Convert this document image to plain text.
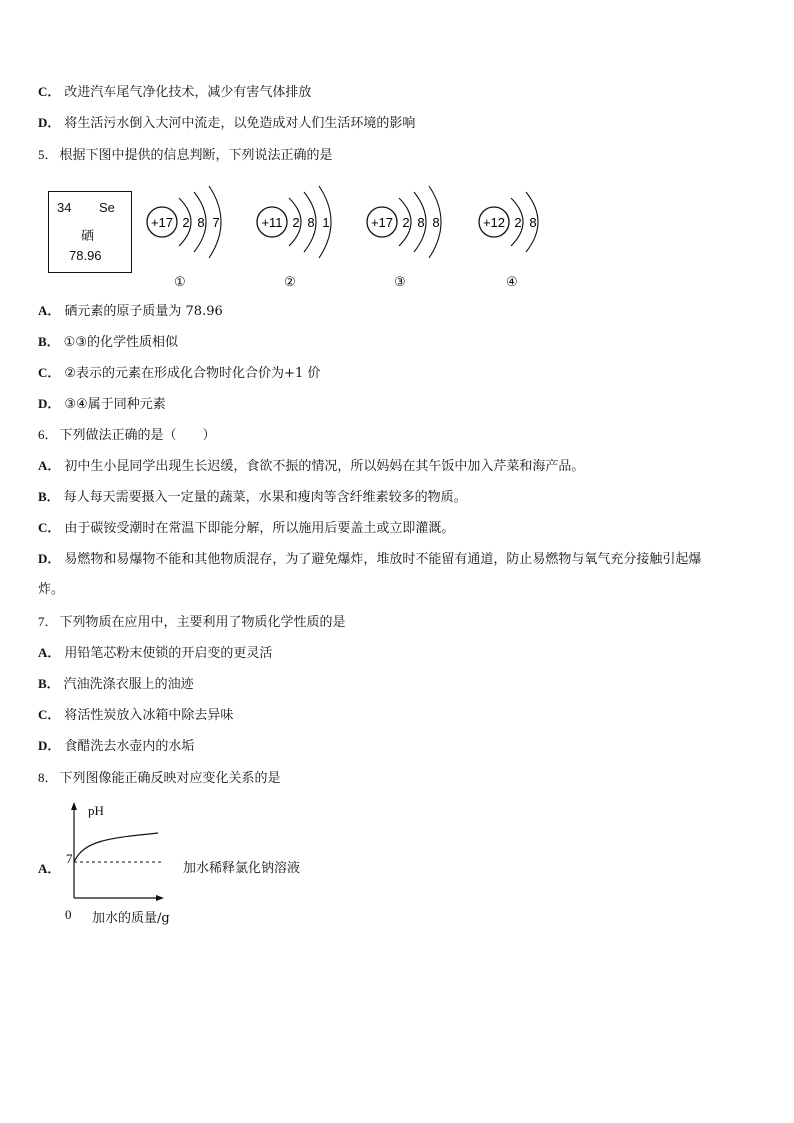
C． 改进汽车尾气净化技术，减少有害气体排放
D． 将生活污水倒入大河中流走，以免造成对人们生活环境的影响
5． 根据下图中提供的信息判断，下列说法正确的是
A． 硒元素的原子质量为 78.96
B． ①③的化学性质相似
C． ②表示的元素在形成化合物时化合价为+1 价
D． ③④属于同种元素
6． 下列做法正确的是（　　）
A． 初中生小昆同学出现生长迟缓，食欲不振的情况，所以妈妈在其午饭中加入芹菜和海产品。
B． 每人每天需要摄入一定量的蔬菜，水果和瘦肉等含纤维素较多的物质。
C． 由于碳铵受潮时在常温下即能分解，所以施用后要盖土或立即灌溉。
D． 易燃物和易爆物不能和其他物质混存，为了避免爆炸，堆放时不能留有通道，防止易燃物与氧气充分接触引起爆
炸。
7． 下列物质在应用中，主要利用了物质化学性质的是
A． 用铅笔芯粉末使锁的开启变的更灵活
B． 汽油洗涤衣服上的油迹
C． 将活性炭放入冰箱中除去异味
D． 食醋洗去水壶内的水垢
8． 下列图像能正确反映对应变化关系的是
34 Se
硒
78.96
+17 2 8 7
①
+11 2 8 1
②
+17 2 8 8
③
+12 2 8
④
A．
pH
7
0 加水的质量/g
加水稀释氯化钠溶液
